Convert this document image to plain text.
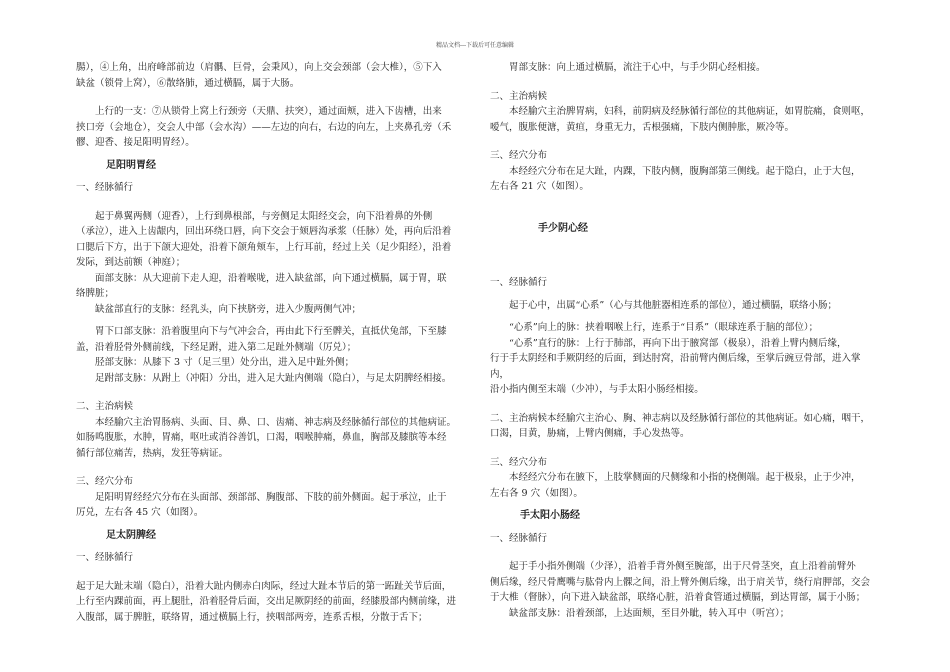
精品文档---下载后可任意编辑
腸），④上角，出府峰部前边（肩髃、巨骨，会秉风），向上交会颈部（会大椎），⑤下入
缺盆（锁骨上窝），⑥散络肺，通过横膈，属于大肠。
上行的一支：⑦从锁骨上窝上行颈旁（天鼎、扶突），通过面颊，进入下齿槽，出来
挟口旁（会地仓），交会人中部（会水沟）——左边的向右，右边的向左，上夹鼻孔旁（禾
髎、迎香、接足阳明胃经）。
足阳明胃经
一、经脉循行
起于鼻翼两侧（迎香），上行到鼻根部，与旁侧足太阳经交会，向下沿着鼻的外侧
（承泣），进入上齿龈内，回出环绕口唇，向下交会于颏唇沟承浆（任脉）处，再向后沿着
口腮后下方，出于下颌大迎处，沿着下颌角颊车，上行耳前，经过上关（足少阳经），沿着
发际，到达前额（神庭）；
面部支脉：从大迎前下走人迎，沿着喉咙，进入缺盆部，向下通过横膈，属于胃，联
络脾脏；
缺盆部直行的支脉：经乳头，向下挟脐旁，进入少腹两侧气冲；
胃下口部支脉：沿着腹里向下与气冲会合，再由此下行至髀关，直抵伏兔部，下至膝
盖，沿着胫骨外侧前线，下经足跗，进入第二足趾外侧端（厉兑）；
胫部支脉：从膝下 3 寸（足三里）处分出，进入足中趾外侧；
足跗部支脉：从跗上（冲阳）分出，进入足大趾内侧端（隐白），与足太阴脾经相接。
二、主治病候
本经腧穴主治胃肠病、头面、目、鼻、口、齿痛、神志病及经脉循行部位的其他病证。
如肠鸣腹胀，水肿，胃痛，呕吐或消谷善饥，口渴，咽喉肿痛，鼻血，胸部及膝膑等本经
循行部位痛苦，热病，发狂等病证。
三、经穴分布
足阳明胃经经穴分布在头面部、颈部部、胸腹部、下肢的前外侧面。起于承泣，止于
厉兑，左右各 45 穴（如图）。
足太阴脾经
一、经脉循行
起于足大趾末端（隐白），沿着大趾内侧赤白肉际，经过大趾本节后的第一跖趾关节后面，
上行至内踝前面，再上腿肚，沿着胫骨后面，交出足厥阴经的前面，经膝股部内侧前缘，进
入腹部，属于脾脏，联络胃，通过横膈上行，挟咽部两旁，连系舌根，分散于舌下；
胃部支脉：向上通过横膈，流注于心中，与手少阴心经相接。
二、主治病候
本经腧穴主治脾胃病，妇科，前阴病及经脉循行部位的其他病证，如胃脘痛，食则呕，
嗳气，腹胀便溏，黄疸，身重无力，舌根强痛，下肢内侧肿胀，厥冷等。
三、经穴分布
本经经穴分布在足大趾，内踝，下肢内侧，腹胸部第三侧线。起于隐白，止于大包，
左右各 21 穴（如图）。
手少阴心经
一、经脉循行
起于心中，出属“心系”（心与其他脏器相连系的部位），通过横膈，联络小肠；
“心系”向上的脉：挟着咽喉上行，连系于“目系”（眼球连系于脑的部位）；
“心系”直行的脉：上行于肺部，再向下出于腋窝部（极泉），沿着上臂内侧后缘，
行于手太阴经和手厥阴经的后面，到达肘窝，沿前臂内侧后缘，至掌后豌豆骨部，进入掌内，
沿小指内侧至末端（少冲），与手太阳小肠经相接。
二、主治病候本经腧穴主治心、胸、神志病以及经脉循行部位的其他病证。如心痛，咽干，
口渴，目黄，胁痛，上臂内侧痛，手心发热等。
三、经穴分布
本经经穴分布在腋下，上肢掌侧面的尺侧缘和小指的桡侧端。起于极泉，止于少冲，
左右各 9 穴（如图）。
手太阳小肠经
一、经脉循行
起于手小指外侧端（少泽），沿着手背外侧至腕部，出于尺骨茎突，直上沿着前臂外
侧后缘，经尺骨鹰嘴与肱骨内上髁之间，沿上臂外侧后缘，出于肩关节，绕行肩胛部，交会
于大椎（督脉），向下进入缺盆部，联络心脏，沿着食管通过横膈，到达胃部，属于小肠；
缺盆部支脉：沿着颈部，上达面颊，至目外眦，转入耳中（听宫）；
